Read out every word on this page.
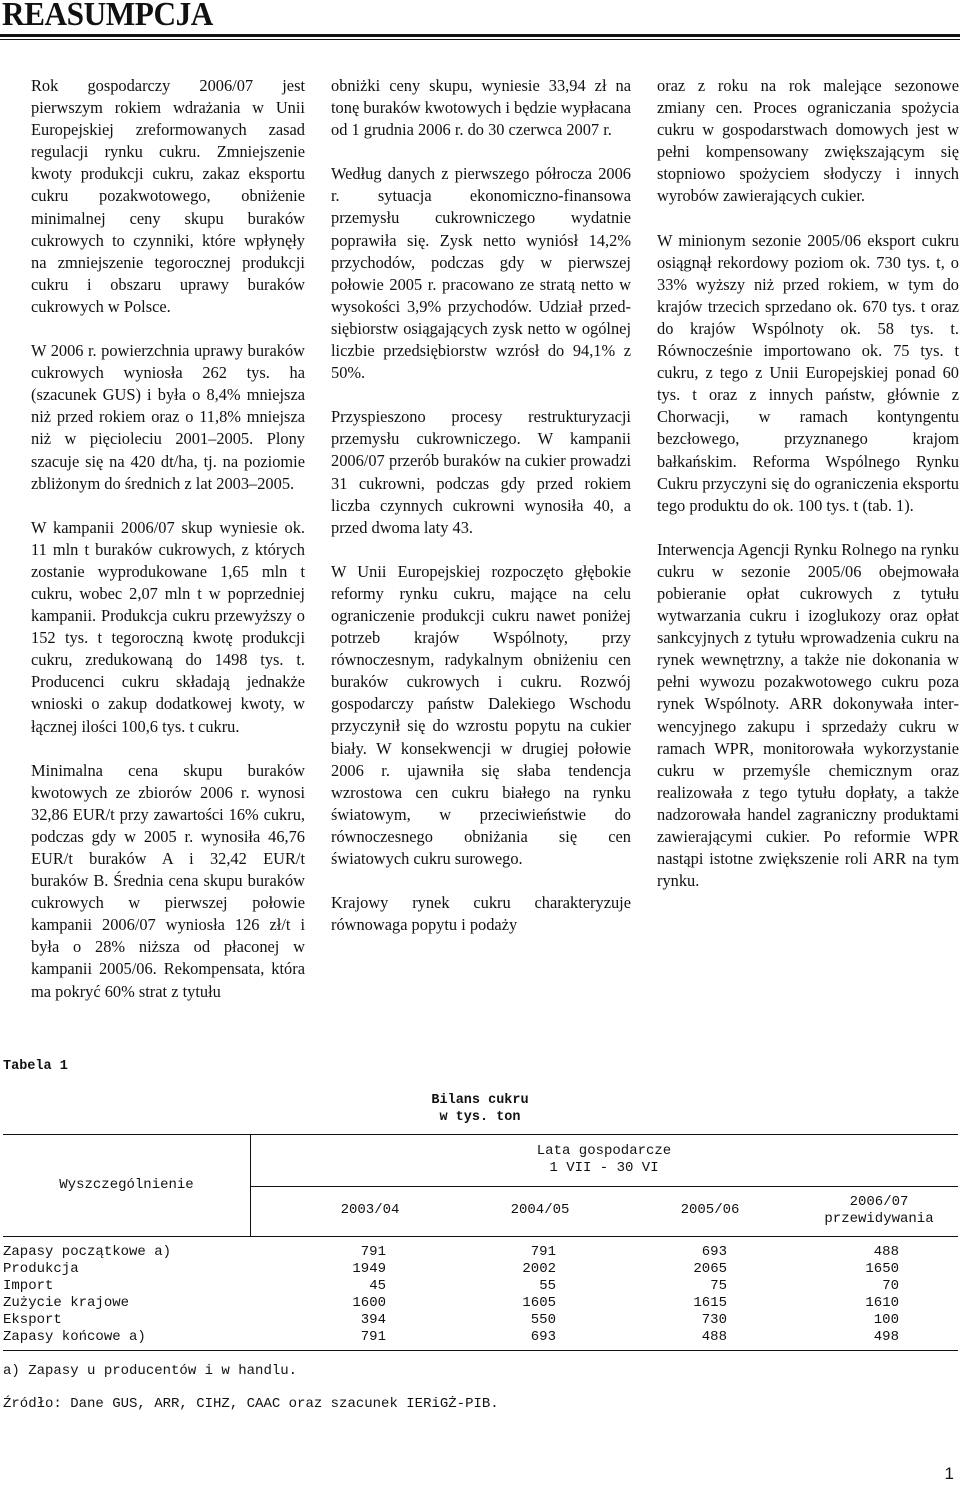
REASUMPCJA

Rok gospodarczy 2006/07 jest pierwszym rokiem wdrażania w Unii Europejskiej zreformowanych zasad regulacji rynku cukru. Zmniejszenie kwoty produkcji cukru, zakaz eksportu cukru pozakwotowego, obniżenie minimalnej ceny skupu buraków cukrowych to czynniki, które wpłynęły na zmniejszenie tegorocznej produkcji cukru i obszaru uprawy buraków cukrowych w Polsce.

W 2006 r. powierzchnia uprawy buraków cukrowych wyniosła 262 tys. ha (szacunek GUS) i była o 8,4% mniejsza niż przed rokiem oraz o 11,8% mniejsza niż w pięcioleciu 2001–2005. Plony szacuje się na 420 dt/ha, tj. na poziomie zbliżonym do średnich z lat 2003–2005.

W kampanii 2006/07 skup wyniesie ok. 11 mln t buraków cukrowych, z których zostanie wyprodukowane 1,65 mln t cukru, wobec 2,07 mln t w poprzedniej kampanii. Produkcja cukru przewyższy o 152 tys. t tegoroczną kwotę produkcji cukru, zredukowaną do 1498 tys. t. Producenci cukru składają jednakże wnioski o zakup dodatkowej kwoty, w łącznej ilości 100,6 tys. t cukru.

Minimalna cena skupu buraków kwotowych ze zbiorów 2006 r. wynosi 32,86 EUR/t przy zawartości 16% cukru, podczas gdy w 2005 r. wynosiła 46,76 EUR/t buraków A i 32,42 EUR/t buraków B. Średnia cena skupu buraków cukrowych w pierwszej połowie kampanii 2006/07 wyniosła 126 zł/t i była o 28% niższa od płaconej w kampanii 2005/06. Rekompensata, która ma pokryć 60% strat z tytułu

obniżki ceny skupu, wyniesie 33,94 zł na tonę buraków kwotowych i będzie wypłacana od 1 grudnia 2006 r. do 30 czerwca 2007 r.

Według danych z pierwszego półrocza 2006 r. sytuacja ekonomiczno-finansowa przemysłu cukrowniczego wydatnie poprawiła się. Zysk netto wyniósł 14,2% przychodów, podczas gdy w pierwszej połowie 2005 r. pracowano ze stratą netto w wysokości 3,9% przychodów. Udział przedsiębiorstw osiągających zysk netto w ogólnej liczbie przedsiębiorstw wzrósł do 94,1% z 50%.

Przyspieszono procesy restrukturyzacji przemysłu cukrowniczego. W kampanii 2006/07 przerób buraków na cukier prowadzi 31 cukrowni, podczas gdy przed rokiem liczba czynnych cukrowni wynosiła 40, a przed dwoma laty 43.

W Unii Europejskiej rozpoczęto głębokie reformy rynku cukru, mające na celu ograniczenie produkcji cukru nawet poniżej potrzeb krajów Wspólnoty, przy równoczesnym, radykalnym obniżeniu cen buraków cukrowych i cukru. Rozwój gospodarczy państw Dalekiego Wschodu przyczynił się do wzrostu popytu na cukier biały. W konsekwencji w drugiej połowie 2006 r. ujawniła się słaba tendencja wzrostowa cen cukru białego na rynku światowym, w przeciwieństwie do równoczesnego obniżania się cen światowych cukru surowego.

Krajowy rynek cukru charakteryzuje równowaga popytu i podaży

oraz z roku na rok malejące sezonowe zmiany cen. Proces ograniczania spożycia cukru w gospodarstwach domowych jest w pełni kompensowany zwiększającym się stopniowo spożyciem słodyczy i innych wyrobów zawierających cukier.

W minionym sezonie 2005/06 eksport cukru osiągnął rekordowy poziom ok. 730 tys. t, o 33% wyższy niż przed rokiem, w tym do krajów trzecich sprzedano ok. 670 tys. t oraz do krajów Wspólnoty ok. 58 tys. t. Równocześnie importowano ok. 75 tys. t cukru, z tego z Unii Europejskiej ponad 60 tys. t oraz z innych państw, głównie z Chorwacji, w ramach kontyngentu bezcłowego, przyznanego krajom bałkańskim. Reforma Wspólnego Rynku Cukru przyczyni się do ograniczenia eksportu tego produktu do ok. 100 tys. t (tab. 1).

Interwencja Agencji Rynku Rolnego na rynku cukru w sezonie 2005/06 obejmowała pobieranie opłat cukrowych z tytułu wytwarzania cukru i izoglukozy oraz opłat sankcyjnych z tytułu wprowadzenia cukru na rynek wewnętrzny, a także nie dokonania w pełni wywozu pozakwotowego cukru poza rynek Wspólnoty. ARR dokonywała interwencyjnego zakupu i sprzedaży cukru w ramach WPR, monitorowała wykorzystanie cukru w przemyśle chemicznym oraz realizowała z tego tytułu dopłaty, a także nadzorowała handel zagraniczny produktami zawierającymi cukier. Po reformie WPR nastąpi istotne zwiększenie roli ARR na tym rynku.

Tabela 1
Bilans cukru
w tys. ton
Wyszczególnienie
Lata gospodarcze
1 VII - 30 VI
2003/04	2004/05	2005/06	2006/07
przewidywania
Zapasy początkowe a)	791	791	693	488
Produkcja	1949	2002	2065	1650
Import	45	55	75	70
Zużycie krajowe	1600	1605	1615	1610
Eksport	394	550	730	100
Zapasy końcowe a)	791	693	488	498
a) Zapasy u producentów i w handlu.
Źródło: Dane GUS, ARR, CIHZ, CAAC oraz szacunek IERiGŻ-PIB.
1
